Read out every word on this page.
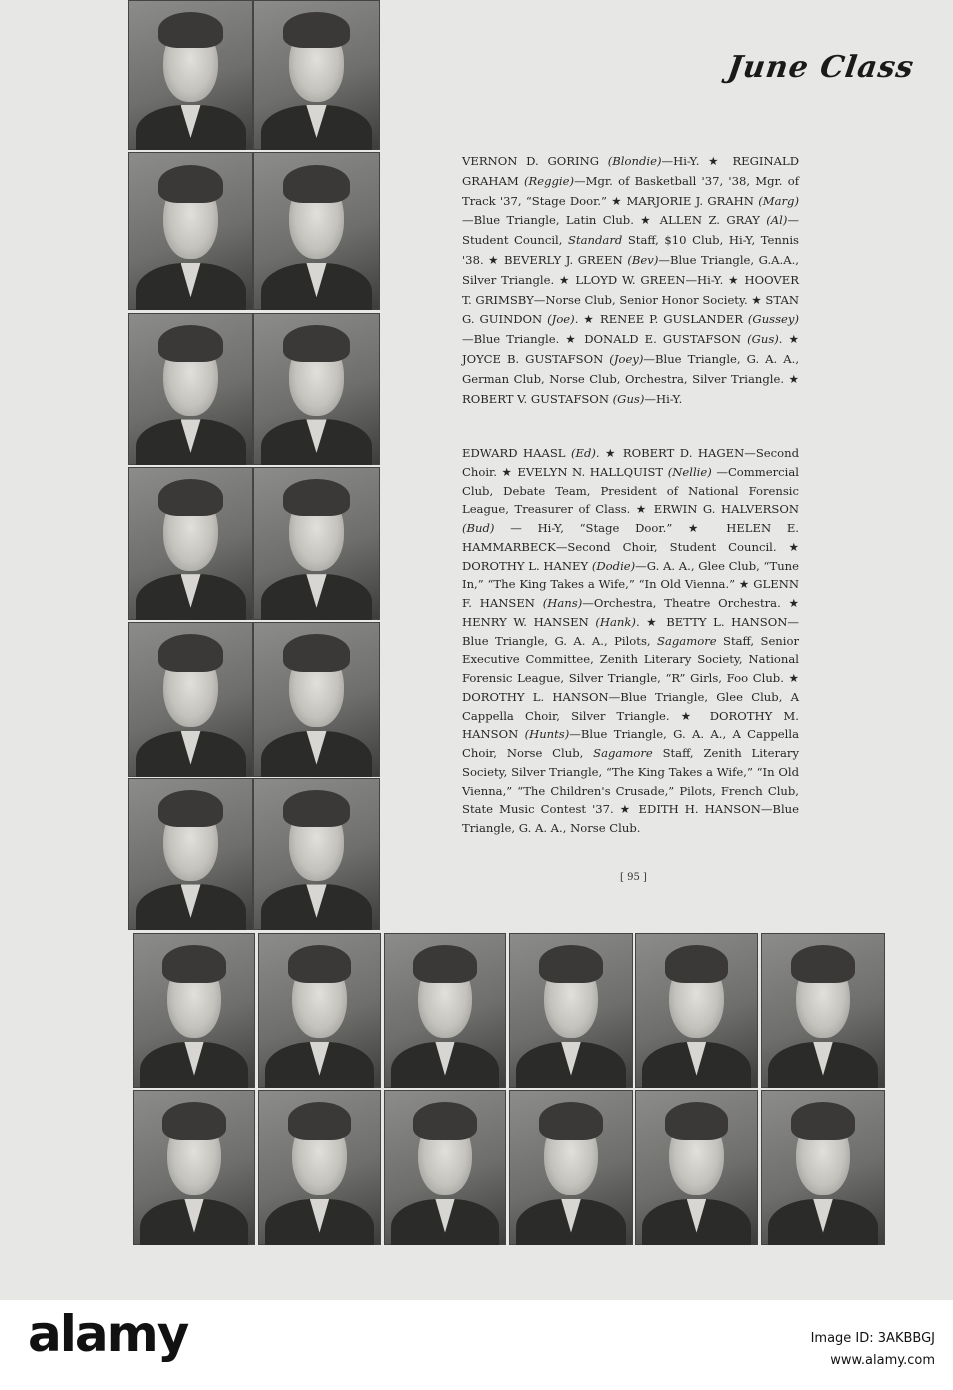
June Class
VERNON D. GORING (Blondie)—Hi-Y. ★ REGINALD GRAHAM (Reggie)—Mgr. of Basketball '37, '38, Mgr. of Track '37, “Stage Door.” ★ MARJORIE J. GRAHN (Marg)—Blue Triangle, Latin Club. ★ ALLEN Z. GRAY (Al)—Student Council, Standard Staff, $10 Club, Hi-Y, Tennis '38. ★ BEVERLY J. GREEN (Bev)—Blue Triangle, G.A.A., Silver Triangle. ★ LLOYD W. GREEN—Hi-Y. ★ HOOVER T. GRIMSBY—Norse Club, Senior Honor Society. ★ STAN G. GUINDON (Joe). ★ RENEE P. GUSLANDER (Gussey)—Blue Triangle. ★ DONALD E. GUSTAFSON (Gus). ★ JOYCE B. GUSTAFSON (Joey)—Blue Triangle, G. A. A., German Club, Norse Club, Orchestra, Silver Triangle. ★ ROBERT V. GUSTAFSON (Gus)—Hi-Y.
EDWARD HAASL (Ed). ★ ROBERT D. HAGEN—Second Choir. ★ EVELYN N. HALLQUIST (Nellie) —Commercial Club, Debate Team, President of National Forensic League, Treasurer of Class. ★ ERWIN G. HALVERSON (Bud) — Hi-Y, “Stage Door.” ★ HELEN E. HAMMARBECK—Second Choir, Student Council. ★ DOROTHY L. HANEY (Dodie)—G. A. A., Glee Club, “Tune In,” “The King Takes a Wife,” “In Old Vienna.” ★ GLENN F. HANSEN (Hans)—Orchestra, Theatre Orchestra. ★ HENRY W. HANSEN (Hank). ★ BETTY L. HANSON—Blue Triangle, G. A. A., Pilots, Sagamore Staff, Senior Executive Committee, Zenith Literary Society, National Forensic League, Silver Triangle, “R” Girls, Foo Club. ★ DOROTHY L. HANSON—Blue Triangle, Glee Club, A Cappella Choir, Silver Triangle. ★ DOROTHY M. HANSON (Hunts)—Blue Triangle, G. A. A., A Cappella Choir, Norse Club, Sagamore Staff, Zenith Literary Society, Silver Triangle, “The King Takes a Wife,” “In Old Vienna,” “The Children's Crusade,” Pilots, French Club, State Music Contest '37. ★ EDITH H. HANSON—Blue Triangle, G. A. A., Norse Club.
[ 95 ]
alamy	Image ID: 3AKBBGJ
www.alamy.com
